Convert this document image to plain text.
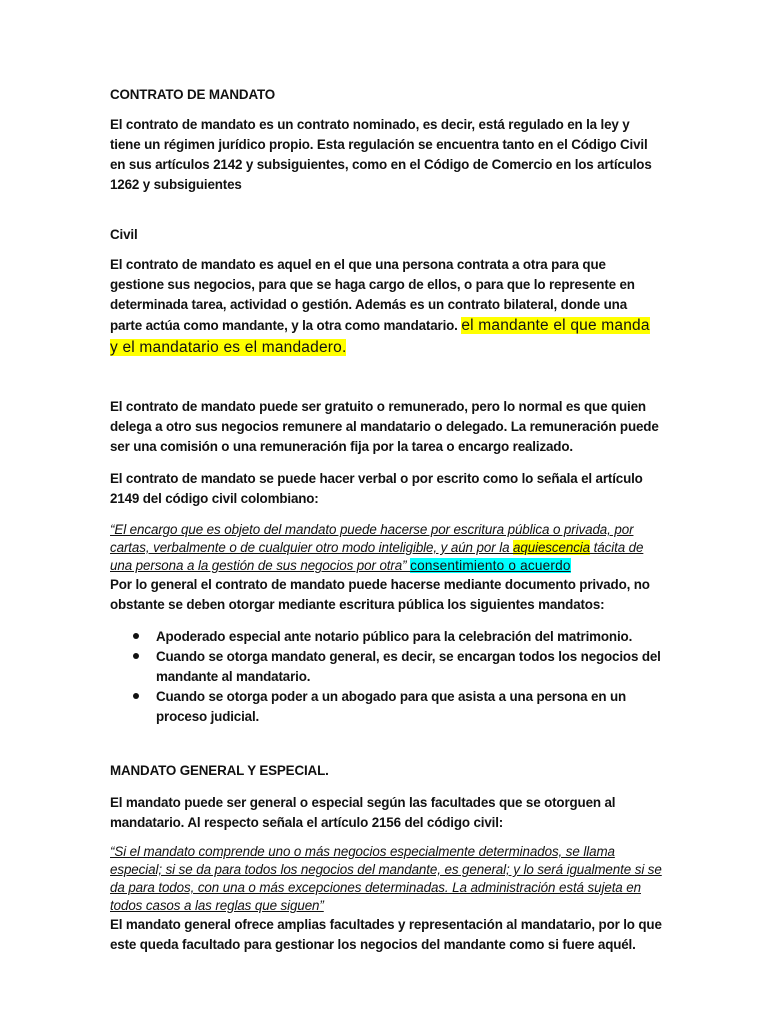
CONTRATO DE MANDATO

El contrato de mandato es un contrato nominado, es decir, está regulado en la ley y tiene un régimen jurídico propio. Esta regulación se encuentra tanto en el Código Civil en sus artículos 2142 y subsiguientes, como en el Código de Comercio en los artículos 1262 y subsiguientes

Civil

El contrato de mandato es aquel en el que una persona contrata a otra para que gestione sus negocios, para que se haga cargo de ellos, o para que lo represente en determinada tarea, actividad o gestión. Además es un contrato bilateral, donde una parte actúa como mandante, y la otra como mandatario. el mandante el que manda y el mandatario es el mandadero.

El contrato de mandato puede ser gratuito o remunerado, pero lo normal es que quien delega a otro sus negocios remunere al mandatario o delegado. La remuneración puede ser una comisión o una remuneración fija por la tarea o encargo realizado.

El contrato de mandato se puede hacer verbal o por escrito como lo señala el artículo 2149 del código civil colombiano:

“El encargo que es objeto del mandato puede hacerse por escritura pública o privada, por cartas, verbalmente o de cualquier otro modo inteligible, y aún por la aquiescencia tácita de una persona a la gestión de sus negocios por otra” consentimiento o acuerdo

Por lo general el contrato de mandato puede hacerse mediante documento privado, no obstante se deben otorgar mediante escritura pública los siguientes mandatos:

Apoderado especial ante notario público para la celebración del matrimonio.
Cuando se otorga mandato general, es decir, se encargan todos los negocios del mandante al mandatario.
Cuando se otorga poder a un abogado para que asista a una persona en un proceso judicial.

MANDATO GENERAL Y ESPECIAL.

El mandato puede ser general o especial según las facultades que se otorguen al mandatario. Al respecto señala el artículo 2156 del código civil:

“Si el mandato comprende uno o más negocios especialmente determinados, se llama especial; si se da para todos los negocios del mandante, es general; y lo será igualmente si se da para todos, con una o más excepciones determinadas. La administración está sujeta en todos casos a las reglas que siguen”

El mandato general ofrece amplias facultades y representación al mandatario, por lo que este queda facultado para gestionar los negocios del mandante como si fuere aquél.
